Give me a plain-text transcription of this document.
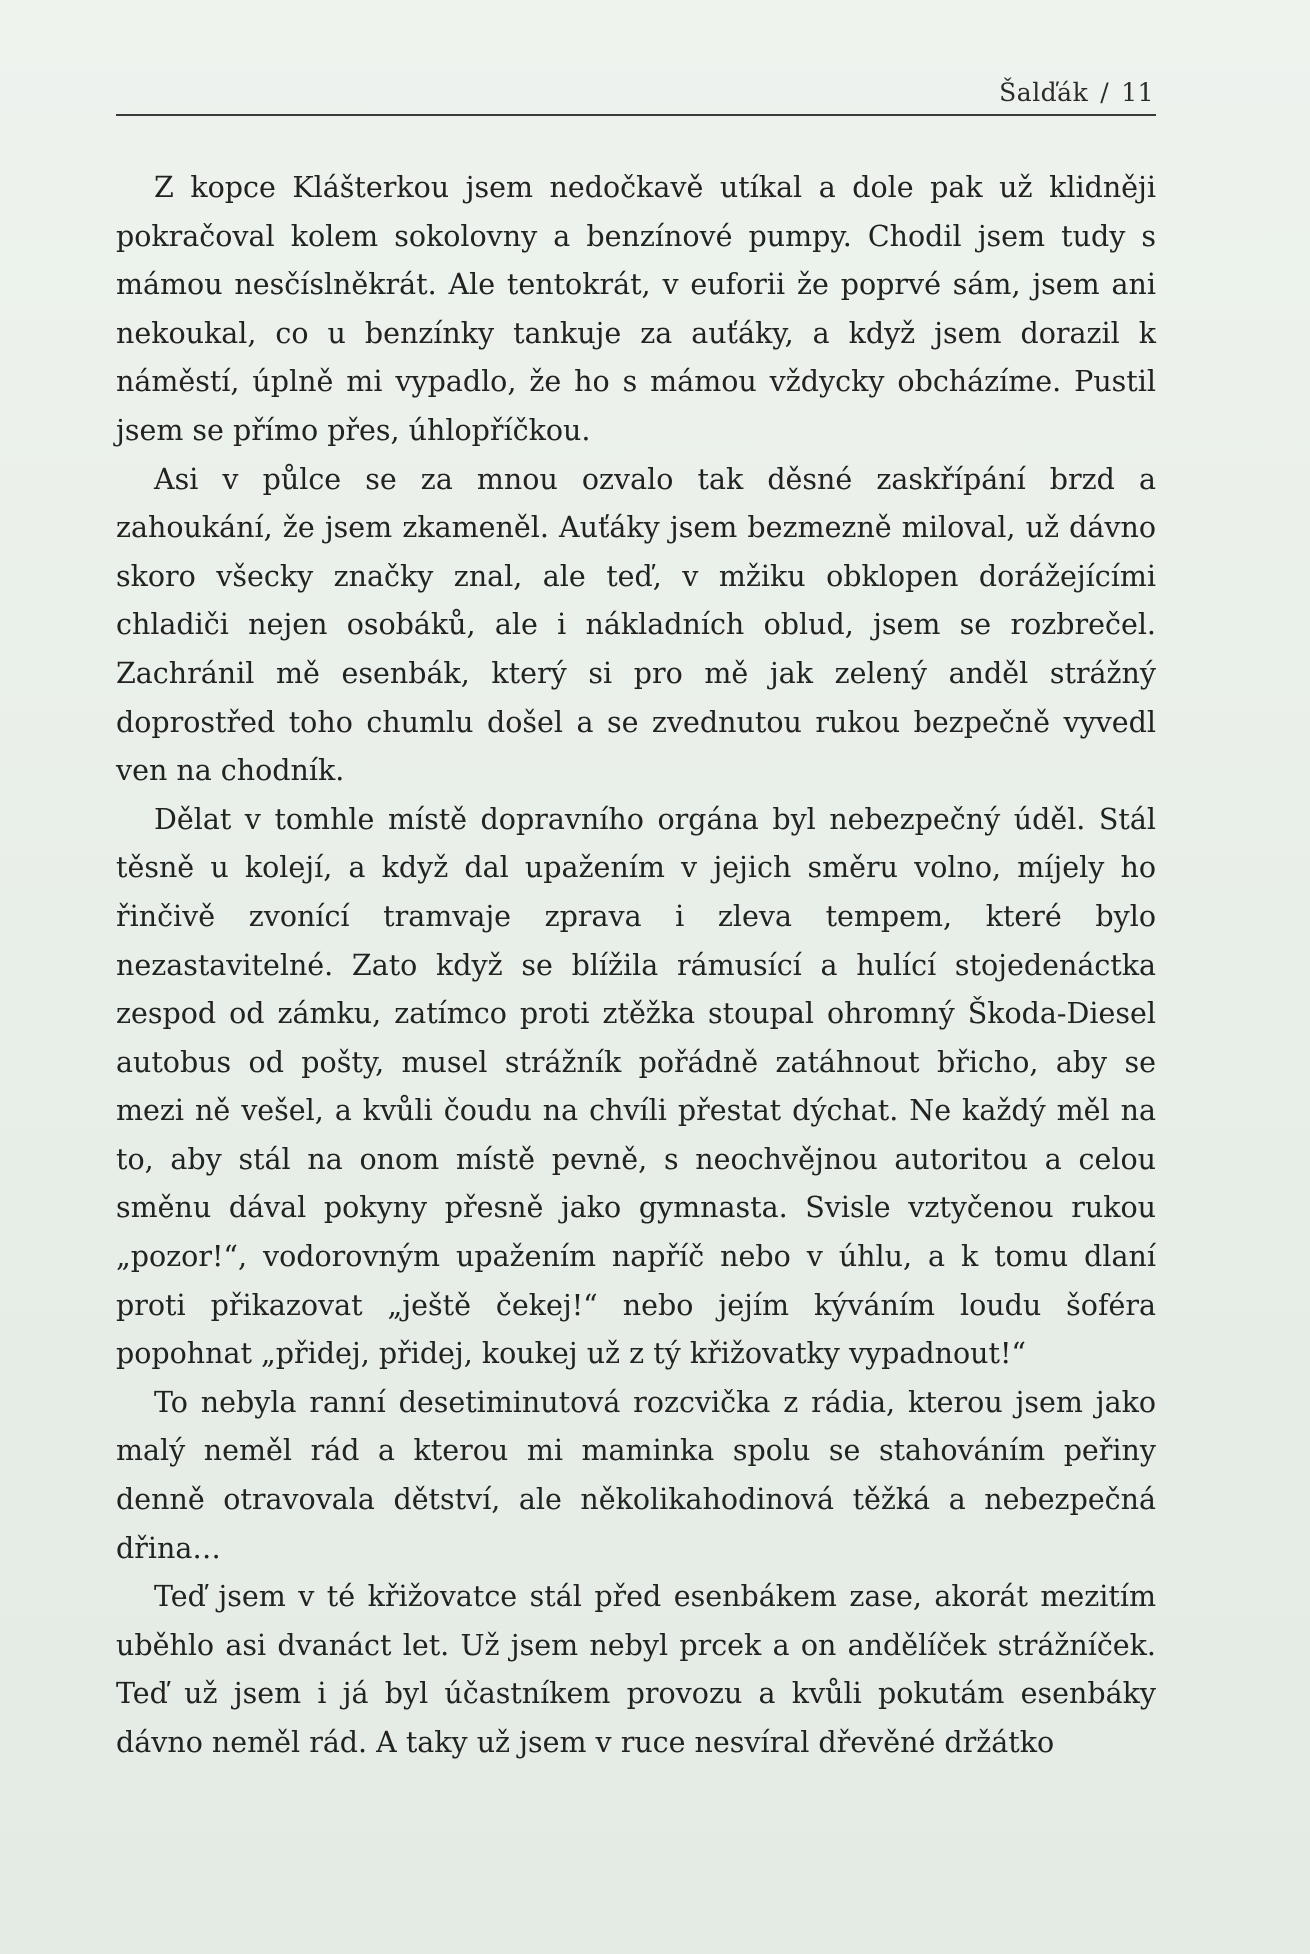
Šalďák / 11

Z kopce Klášterkou jsem nedočkavě utíkal a dole pak už klidněji pokračoval kolem sokolovny a benzínové pumpy. Chodil jsem tudy s mámou nesčíslněkrát. Ale tentokrát, v euforii že poprvé sám, jsem ani nekoukal, co u benzínky tankuje za auťáky, a když jsem dorazil k náměstí, úplně mi vypadlo, že ho s mámou vždycky obcházíme. Pustil jsem se přímo přes, úhlopříčkou.

Asi v půlce se za mnou ozvalo tak děsné zaskřípání brzd a zahoukání, že jsem zkameněl. Auťáky jsem bezmezně miloval, už dávno skoro všecky značky znal, ale teď, v mžiku obklopen dorážejícími chladiči nejen osobáků, ale i nákladních oblud, jsem se rozbrečel. Zachránil mě esenbák, který si pro mě jak zelený anděl strážný doprostřed toho chumlu došel a se zvednutou rukou bezpečně vyvedl ven na chodník.

Dělat v tomhle místě dopravního orgána byl nebezpečný úděl. Stál těsně u kolejí, a když dal upažením v jejich směru volno, míjely ho řinčivě zvonící tramvaje zprava i zleva tempem, které bylo nezastavitelné. Zato když se blížila rámusící a hulící stojedenáctka zespod od zámku, zatímco proti ztěžka stoupal ohromný Škoda-Diesel autobus od pošty, musel strážník pořádně zatáhnout břicho, aby se mezi ně vešel, a kvůli čoudu na chvíli přestat dýchat. Ne každý měl na to, aby stál na onom místě pevně, s neochvějnou autoritou a celou směnu dával pokyny přesně jako gymnasta. Svisle vztyčenou rukou „pozor!“, vodorovným upažením napříč nebo v úhlu, a k tomu dlaní proti přikazovat „ještě čekej!“ nebo jejím kýváním loudu šoféra popohnat „přidej, přidej, koukej už z tý křižovatky vypadnout!“

To nebyla ranní desetiminutová rozcvička z rádia, kterou jsem jako malý neměl rád a kterou mi maminka spolu se stahováním peřiny denně otravovala dětství, ale několikahodinová těžká a nebezpečná dřina…

Teď jsem v té křižovatce stál před esenbákem zase, akorát mezitím uběhlo asi dvanáct let. Už jsem nebyl prcek a on andělíček strážníček. Teď už jsem i já byl účastníkem provozu a kvůli pokutám esenbáky dávno neměl rád. A taky už jsem v ruce nesvíral dřevěné držátko
